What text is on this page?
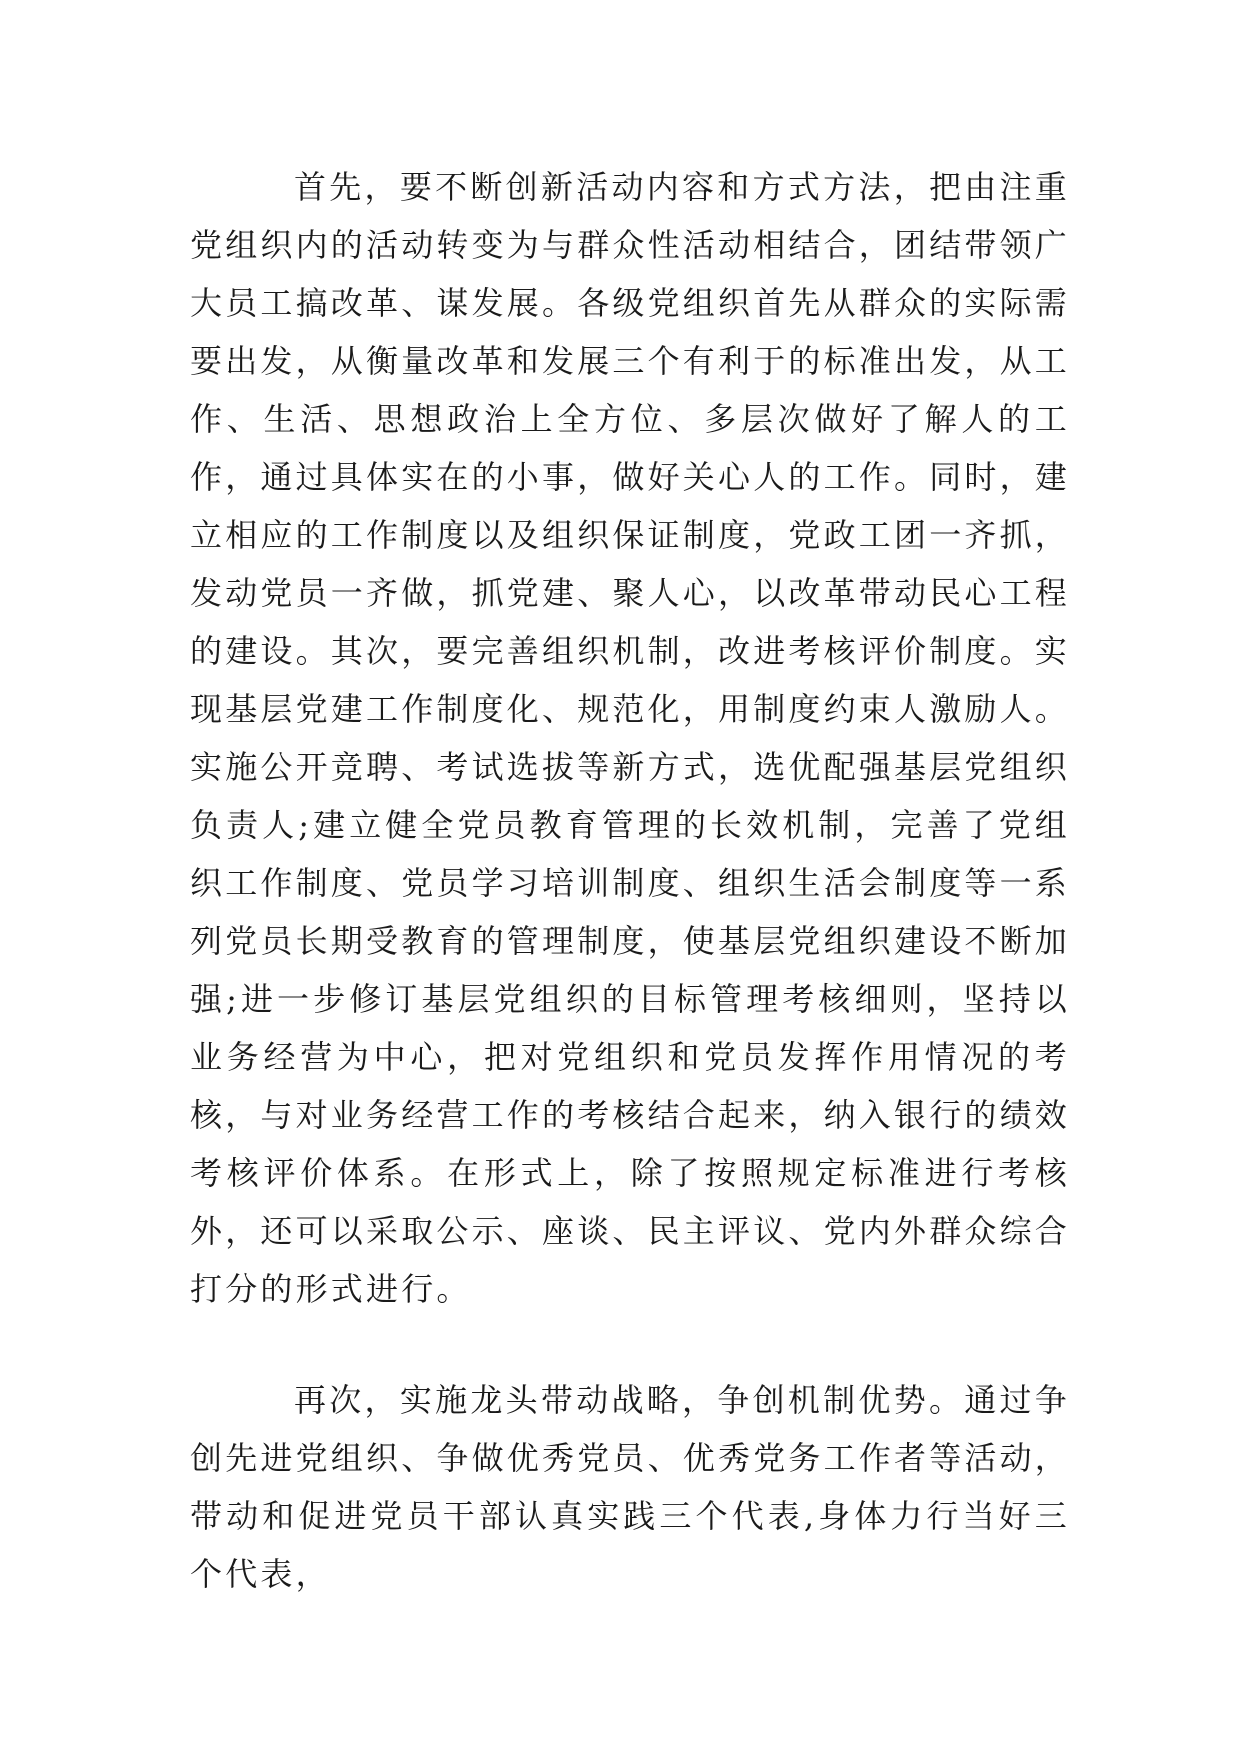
首先，要不断创新活动内容和方式方法，把由注重党组织内的活动转变为与群众性活动相结合，团结带领广大员工搞改革、谋发展。各级党组织首先从群众的实际需要出发，从衡量改革和发展三个有利于的标准出发，从工作、生活、思想政治上全方位、多层次做好了解人的工作，通过具体实在的小事，做好关心人的工作。同时，建立相应的工作制度以及组织保证制度，党政工团一齐抓，发动党员一齐做，抓党建、聚人心，以改革带动民心工程的建设。其次，要完善组织机制，改进考核评价制度。实现基层党建工作制度化、规范化，用制度约束人激励人。实施公开竞聘、考试选拔等新方式，选优配强基层党组织负责人;建立健全党员教育管理的长效机制，完善了党组织工作制度、党员学习培训制度、组织生活会制度等一系列党员长期受教育的管理制度，使基层党组织建设不断加强;进一步修订基层党组织的目标管理考核细则，坚持以业务经营为中心，把对党组织和党员发挥作用情况的考核，与对业务经营工作的考核结合起来，纳入银行的绩效考核评价体系。在形式上，除了按照规定标准进行考核外，还可以采取公示、座谈、民主评议、党内外群众综合打分的形式进行。

再次，实施龙头带动战略，争创机制优势。通过争创先进党组织、争做优秀党员、优秀党务工作者等活动，带动和促进党员干部认真实践三个代表,身体力行当好三个代表，
